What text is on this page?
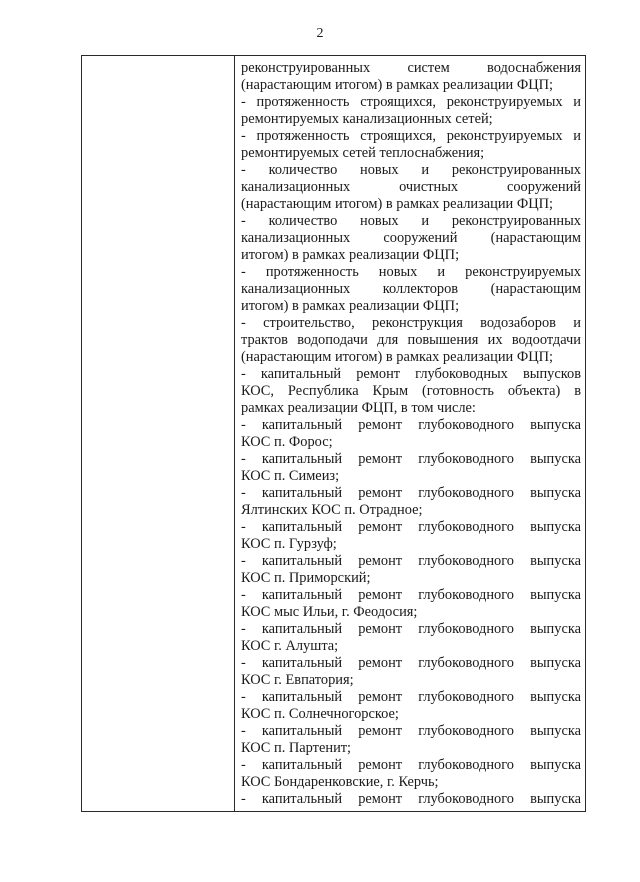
2
реконструированных систем водоснабжения
(нарастающим итогом) в рамках реализации ФЦП;
- протяженность строящихся, реконструируемых и
ремонтируемых канализационных сетей;
- протяженность строящихся, реконструируемых и
ремонтируемых сетей теплоснабжения;
- количество новых и реконструированных
канализационных очистных сооружений
(нарастающим итогом) в рамках реализации ФЦП;
- количество новых и реконструированных
канализационных сооружений (нарастающим
итогом) в рамках реализации ФЦП;
- протяженность новых и реконструируемых
канализационных коллекторов (нарастающим
итогом) в рамках реализации ФЦП;
- строительство, реконструкция водозаборов и
трактов водоподачи для повышения их водоотдачи
(нарастающим итогом) в рамках реализации ФЦП;
- капитальный ремонт глубоководных выпусков
КОС, Республика Крым (готовность объекта) в
рамках реализации ФЦП, в том числе:
- капитальный ремонт глубоководного выпуска
КОС п. Форос;
- капитальный ремонт глубоководного выпуска
КОС п. Симеиз;
- капитальный ремонт глубоководного выпуска
Ялтинских КОС п. Отрадное;
- капитальный ремонт глубоководного выпуска
КОС п. Гурзуф;
- капитальный ремонт глубоководного выпуска
КОС п. Приморский;
- капитальный ремонт глубоководного выпуска
КОС мыс Ильи, г. Феодосия;
- капитальный ремонт глубоководного выпуска
КОС г. Алушта;
- капитальный ремонт глубоководного выпуска
КОС г. Евпатория;
- капитальный ремонт глубоководного выпуска
КОС п. Солнечногорское;
- капитальный ремонт глубоководного выпуска
КОС п. Партенит;
- капитальный ремонт глубоководного выпуска
КОС Бондаренковские, г. Керчь;
- капитальный ремонт глубоководного выпуска
